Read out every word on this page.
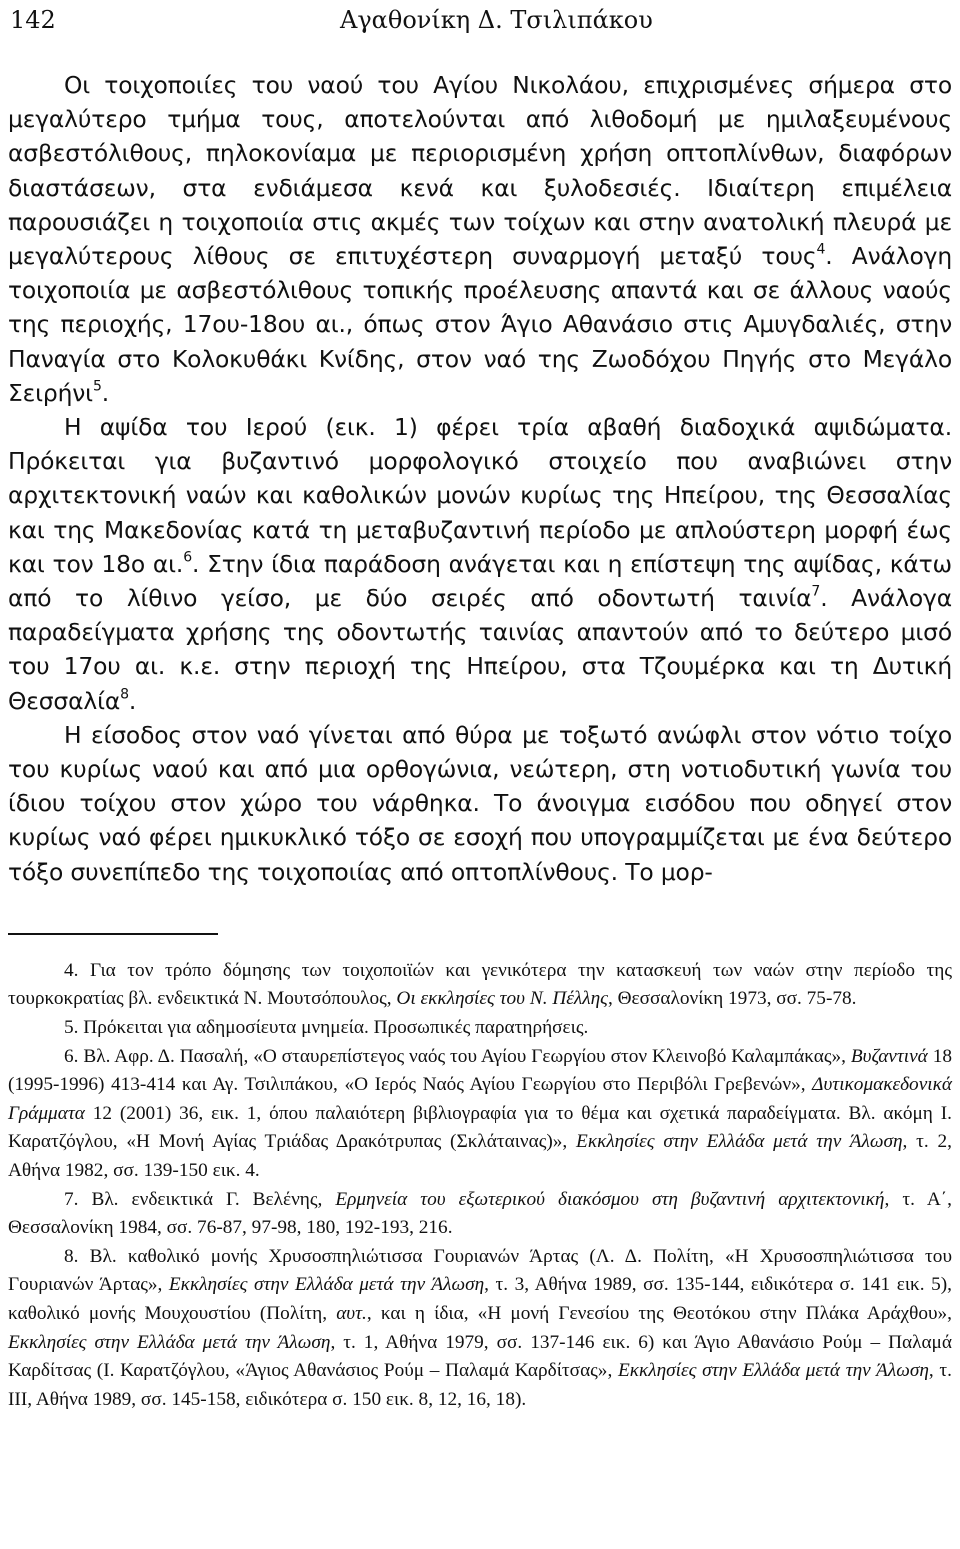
142	Αγαθονίκη Δ. Τσιλιπάκου

Οι τοιχοποιίες του ναού του Αγίου Νικολάου, επιχρισμένες σήμερα στο μεγαλύτερο τμήμα τους, αποτελούνται από λιθοδομή με ημιλαξευμένους ασβεστόλιθους, πηλοκονίαμα με περιορισμένη χρήση οπτοπλίνθων, διαφόρων διαστάσεων, στα ενδιάμεσα κενά και ξυλοδεσιές. Ιδιαίτερη επιμέλεια παρουσιάζει η τοιχοποιία στις ακμές των τοίχων και στην ανατολική πλευρά με μεγαλύτερους λίθους σε επιτυχέστερη συναρμογή μεταξύ τους$^4$. Ανάλογη τοιχοποιία με ασβεστόλιθους τοπικής προέλευσης απαντά και σε άλλους ναούς της περιοχής, 17ου-18ου αι., όπως στον Άγιο Αθανάσιο στις Αμυγδαλιές, στην Παναγία στο Κολοκυθάκι Κνίδης, στον ναό της Ζωοδόχου Πηγής στο Μεγάλο Σειρήνι$^5$.

Η αψίδα του Ιερού (εικ. 1) φέρει τρία αβαθή διαδοχικά αψιδώματα. Πρόκειται για βυζαντινό μορφολογικό στοιχείο που αναβιώνει στην αρχιτεκτονική ναών και καθολικών μονών κυρίως της Ηπείρου, της Θεσσαλίας και της Μακεδονίας κατά τη μεταβυζαντινή περίοδο με απλούστερη μορφή έως και τον 18ο αι.$^6$. Στην ίδια παράδοση ανάγεται και η επίστεψη της αψίδας, κάτω από το λίθινο γείσο, με δύο σειρές από οδοντωτή ταινία$^7$. Ανάλογα παραδείγματα χρήσης της οδοντωτής ταινίας απαντούν από το δεύτερο μισό του 17ου αι. κ.ε. στην περιοχή της Ηπείρου, στα Τζουμέρκα και τη Δυτική Θεσσαλία$^8$.

Η είσοδος στον ναό γίνεται από θύρα με τοξωτό ανώφλι στον νότιο τοίχο του κυρίως ναού και από μια ορθογώνια, νεώτερη, στη νοτιοδυτική γωνία του ίδιου τοίχου στον χώρο του νάρθηκα. Το άνοιγμα εισόδου που οδηγεί στον κυρίως ναό φέρει ημικυκλικό τόξο σε εσοχή που υπογραμμίζεται με ένα δεύτερο τόξο συνεπίπεδο της τοιχοποιίας από οπτοπλίνθους. Το μορ-

4. Για τον τρόπο δόμησης των τοιχοποιϊών και γενικότερα την κατασκευή των ναών στην περίοδο της τουρκοκρατίας βλ. ενδεικτικά Ν. Μουτσόπουλος, Οι εκκλησίες του Ν. Πέλλης, Θεσσαλονίκη 1973, σσ. 75-78.

5. Πρόκειται για αδημοσίευτα μνημεία. Προσωπικές παρατηρήσεις.

6. Βλ. Αφρ. Δ. Πασαλή, «Ο σταυρεπίστεγος ναός του Αγίου Γεωργίου στον Κλεινοβό Καλαμπάκας», Βυζαντινά 18 (1995-1996) 413-414 και Αγ. Τσιλιπάκου, «Ο Ιερός Ναός Αγίου Γεωργίου στο Περιβόλι Γρεβενών», Δυτικομακεδονικά Γράμματα 12 (2001) 36, εικ. 1, όπου παλαιότερη βιβλιογραφία για το θέμα και σχετικά παραδείγματα. Βλ. ακόμη Ι. Καρατζόγλου, «Η Μονή Αγίας Τριάδας Δρακότρυπας (Σκλάταινας)», Εκκλησίες στην Ελλάδα μετά την Άλωση, τ. 2, Αθήνα 1982, σσ. 139-150 εικ. 4.

7. Βλ. ενδεικτικά Γ. Βελένης, Ερμηνεία του εξωτερικού διακόσμου στη βυζαντινή αρχιτεκτονική, τ. Α΄, Θεσσαλονίκη 1984, σσ. 76-87, 97-98, 180, 192-193, 216.

8. Βλ. καθολικό μονής Χρυσοσπηλιώτισσα Γουριανών Άρτας (Λ. Δ. Πολίτη, «Η Χρυσοσπηλιώτισσα του Γουριανών Άρτας», Εκκλησίες στην Ελλάδα μετά την Άλωση, τ. 3, Αθήνα 1989, σσ. 135-144, ειδικότερα σ. 141 εικ. 5), καθολικό μονής Μουχουστίου (Πολίτη, αυτ., και η ίδια, «Η μονή Γενεσίου της Θεοτόκου στην Πλάκα Αράχθου», Εκκλησίες στην Ελλάδα μετά την Άλωση, τ. 1, Αθήνα 1979, σσ. 137-146 εικ. 6) και Άγιο Αθανάσιο Ρούμ – Παλαμά Καρδίτσας (Ι. Καρατζόγλου, «Άγιος Αθανάσιος Ρούμ – Παλαμά Καρδίτσας», Εκκλησίες στην Ελλάδα μετά την Άλωση, τ. ΙΙΙ, Αθήνα 1989, σσ. 145-158, ειδικότερα σ. 150 εικ. 8, 12, 16, 18).
